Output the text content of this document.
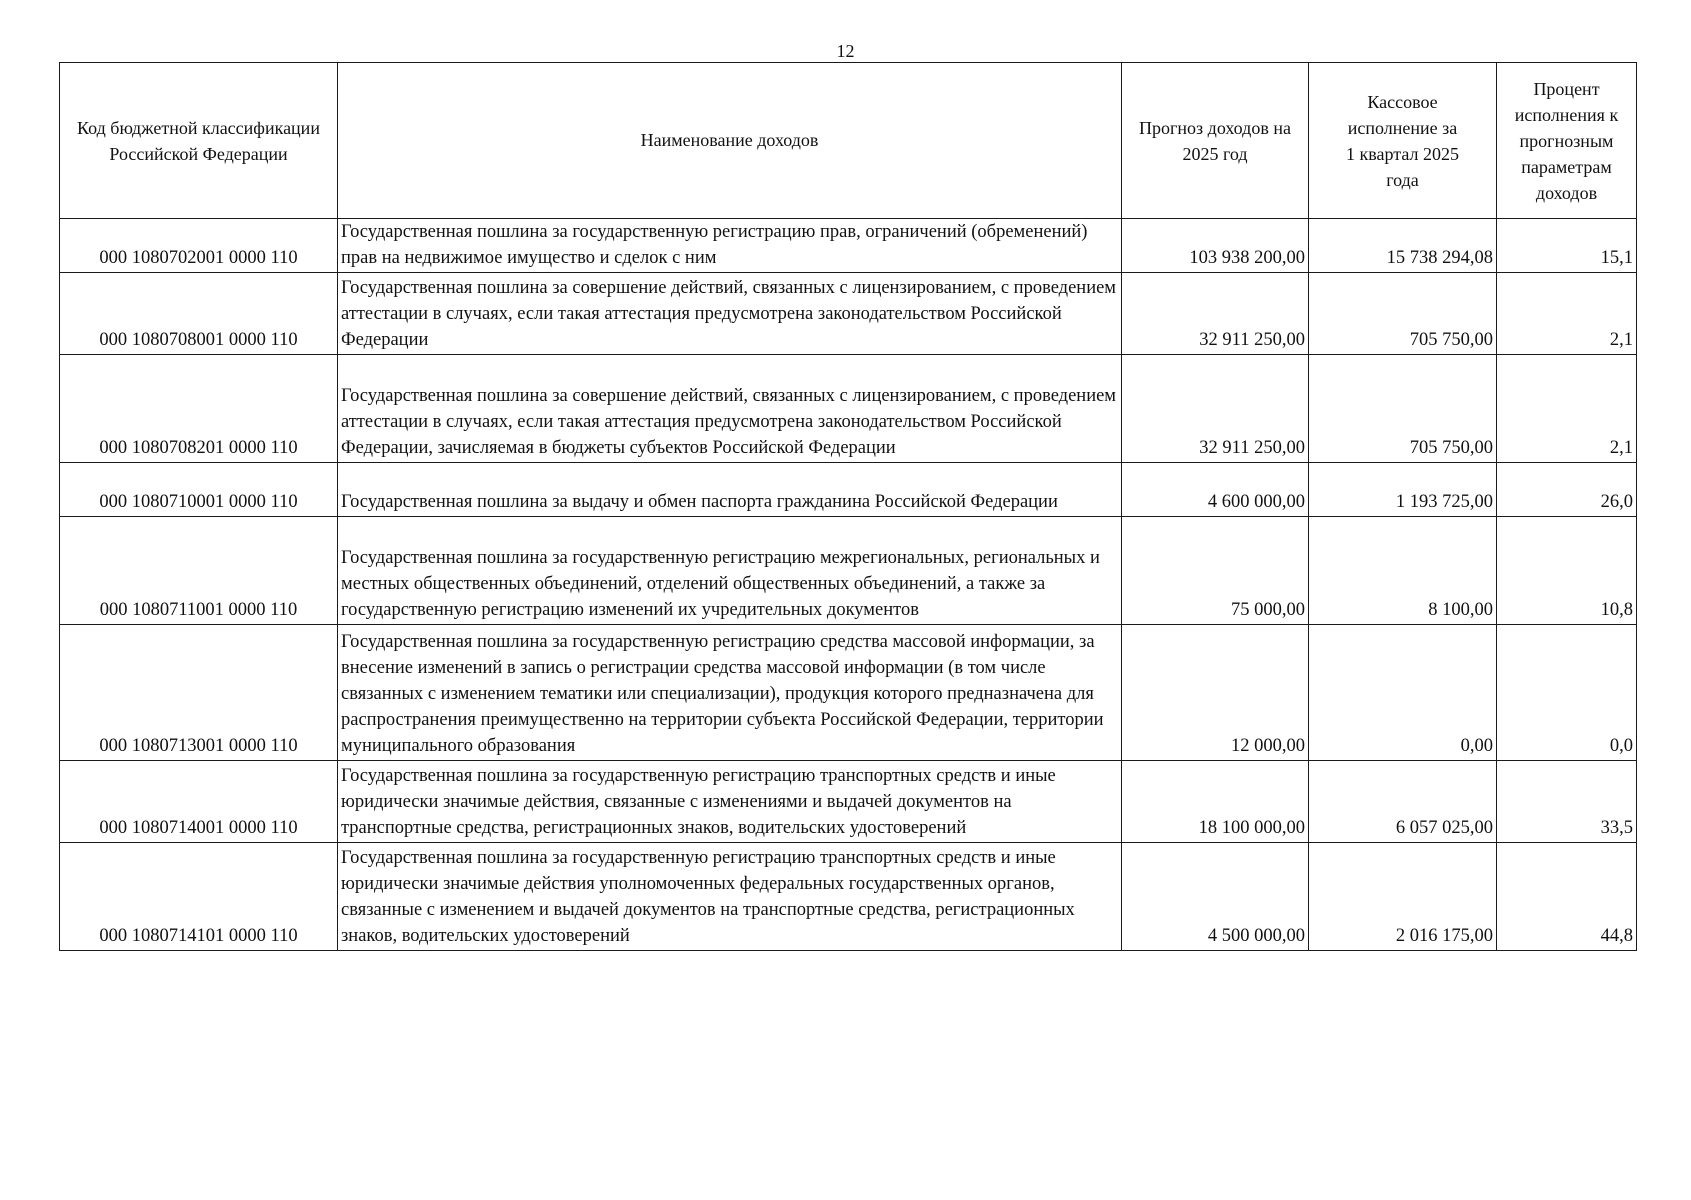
12
Код бюджетной классификации Российской Федерации	Наименование доходов	Прогноз доходов на 2025 год	Кассовое исполнение за 1 квартал 2025 года	Процент исполнения к прогнозным параметрам доходов
000 1080702001 0000 110	Государственная пошлина за государственную регистрацию прав, ограничений (обременений) прав на недвижимое имущество и сделок с ним	103 938 200,00	15 738 294,08	15,1
000 1080708001 0000 110	Государственная пошлина за совершение действий, связанных с лицензированием, с проведением аттестации в случаях, если такая аттестация предусмотрена законодательством Российской Федерации	32 911 250,00	705 750,00	2,1
000 1080708201 0000 110	Государственная пошлина за совершение действий, связанных с лицензированием, с проведением аттестации в случаях, если такая аттестация предусмотрена законодательством Российской Федерации, зачисляемая в бюджеты субъектов Российской Федерации	32 911 250,00	705 750,00	2,1
000 1080710001 0000 110	Государственная пошлина за выдачу и обмен паспорта гражданина Российской Федерации	4 600 000,00	1 193 725,00	26,0
000 1080711001 0000 110	Государственная пошлина за государственную регистрацию межрегиональных, региональных и местных общественных объединений, отделений общественных объединений, а также за государственную регистрацию изменений их учредительных документов	75 000,00	8 100,00	10,8
000 1080713001 0000 110	Государственная пошлина за государственную регистрацию средства массовой информации, за внесение изменений в запись о регистрации средства массовой информации (в том числе связанных с изменением тематики или специализации), продукция которого предназначена для распространения преимущественно на территории субъекта Российской Федерации, территории муниципального образования	12 000,00	0,00	0,0
000 1080714001 0000 110	Государственная пошлина за государственную регистрацию транспортных средств и иные юридически значимые действия, связанные с изменениями и выдачей документов на транспортные средства, регистрационных знаков, водительских удостоверений	18 100 000,00	6 057 025,00	33,5
000 1080714101 0000 110	Государственная пошлина за государственную регистрацию транспортных средств и иные юридически значимые действия уполномоченных федеральных государственных органов, связанные с изменением и выдачей документов на транспортные средства, регистрационных знаков, водительских удостоверений	4 500 000,00	2 016 175,00	44,8
